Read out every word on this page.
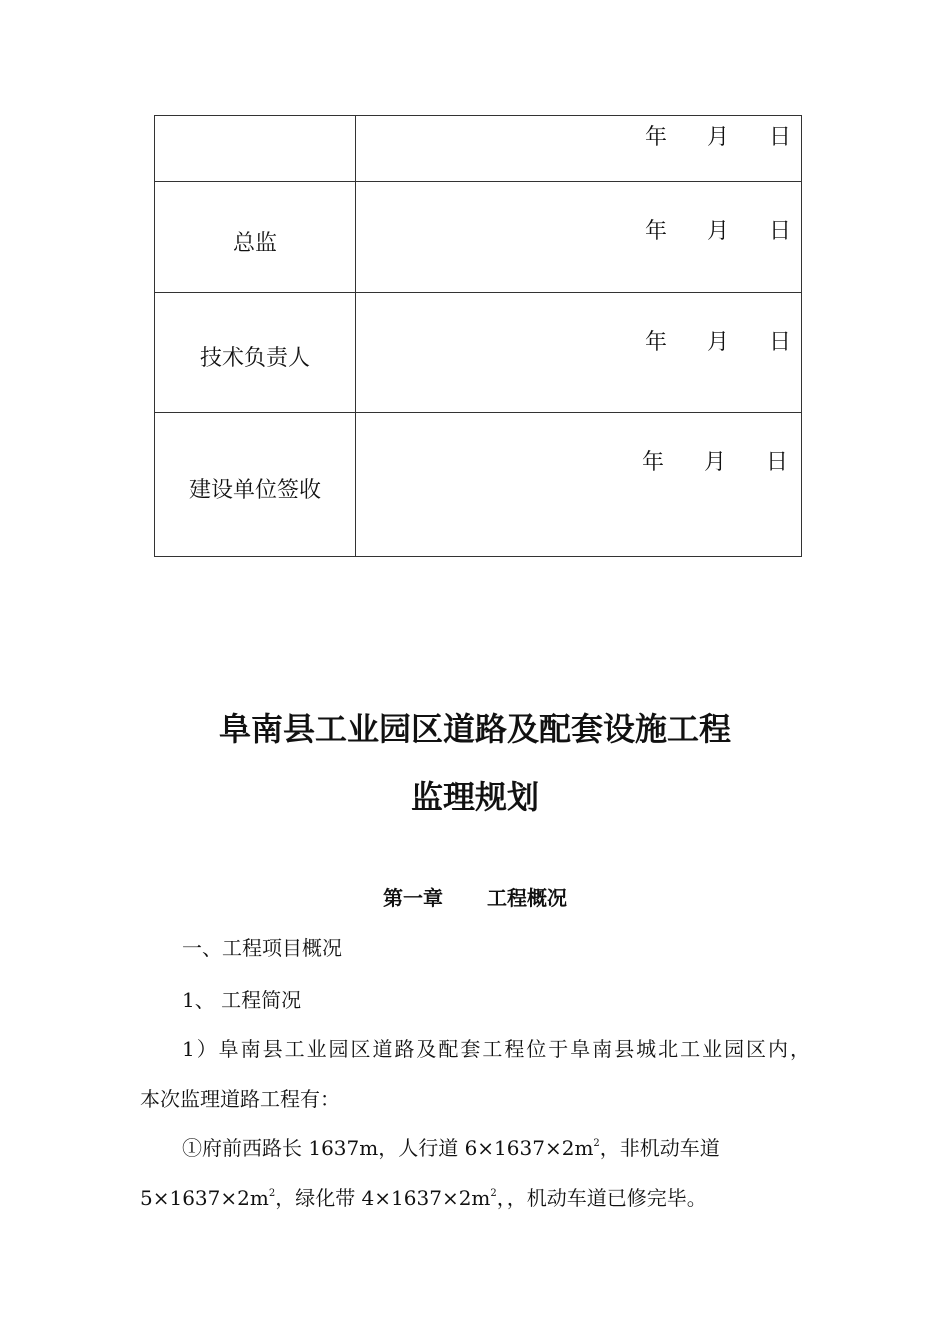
	年 月 日

总监	年 月 日

技术负责人	年 月 日

建设单位签收	年 月 日
阜南县工业园区道路及配套设施工程
监理规划
第一章 工程概况
一、工程项目概况
1、 工程简况
1）阜南县工业园区道路及配套工程位于阜南县城北工业园区内，
本次监理道路工程有：
①府前西路长 1637m，人行道 $6\times 1637\times 2m^2$，非机动车道
$5\times 1637\times 2m^2$，绿化带 $4\times 1637\times 2m^2$，，机动车道已修完毕。
